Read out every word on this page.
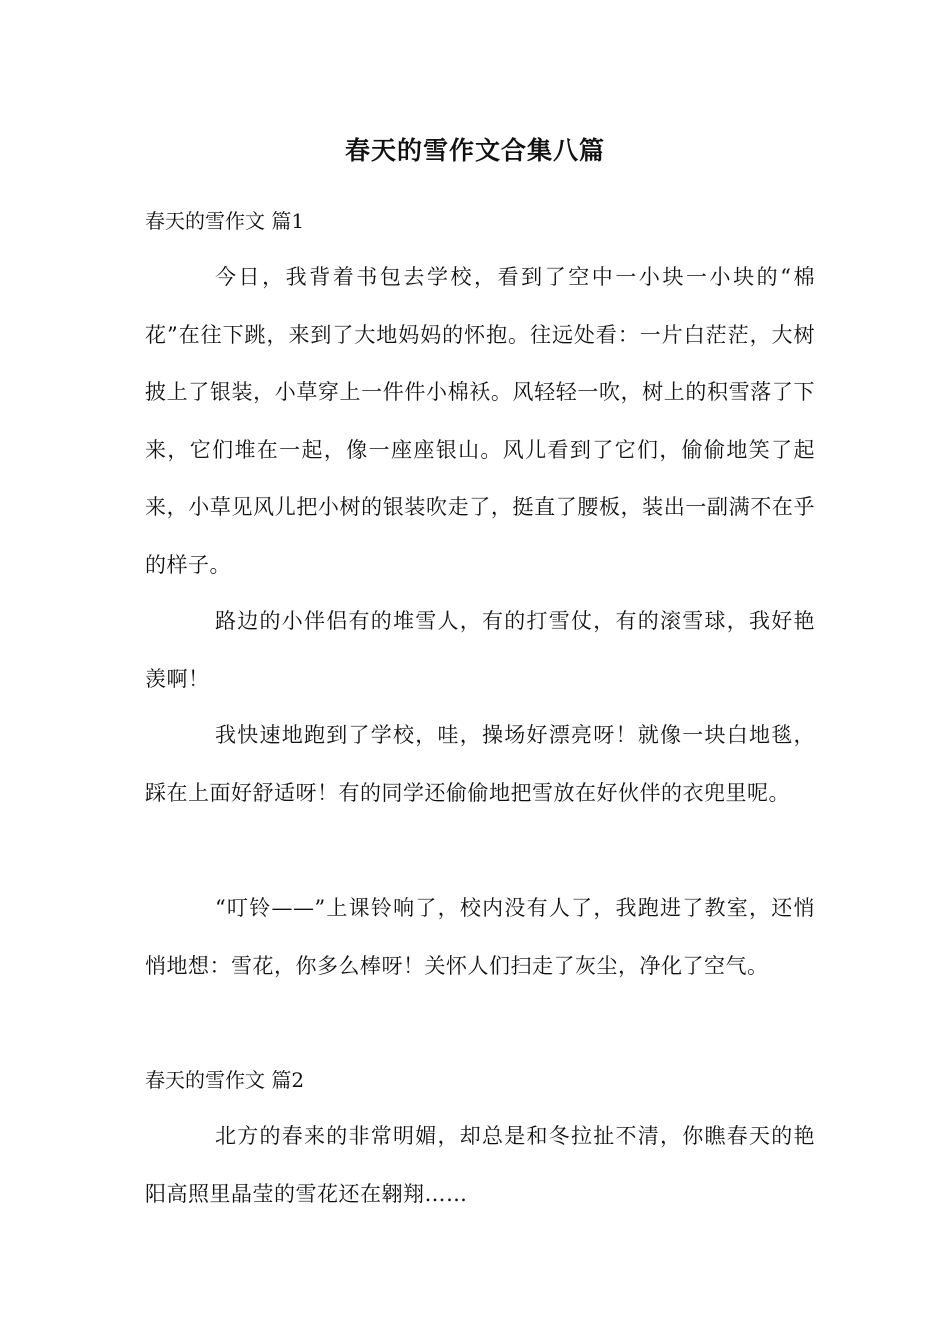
春天的雪作文合集八篇
春天的雪作文 篇1

今日，我背着书包去学校，看到了空中一小块一小块的“棉花”在往下跳，来到了大地妈妈的怀抱。往远处看：一片白茫茫，大树披上了银装，小草穿上一件件小棉袄。风轻轻一吹，树上的积雪落了下来，它们堆在一起，像一座座银山。风儿看到了它们，偷偷地笑了起来，小草见风儿把小树的银装吹走了，挺直了腰板，装出一副满不在乎的样子。

路边的小伴侣有的堆雪人，有的打雪仗，有的滚雪球，我好艳羡啊！

我快速地跑到了学校，哇，操场好漂亮呀！就像一块白地毯，踩在上面好舒适呀！有的同学还偷偷地把雪放在好伙伴的衣兜里呢。

“叮铃——”上课铃响了，校内没有人了，我跑进了教室，还悄悄地想：雪花，你多么棒呀！关怀人们扫走了灰尘，净化了空气。

春天的雪作文 篇2

北方的春来的非常明媚，却总是和冬拉扯不清，你瞧春天的艳阳高照里晶莹的雪花还在翱翔……
